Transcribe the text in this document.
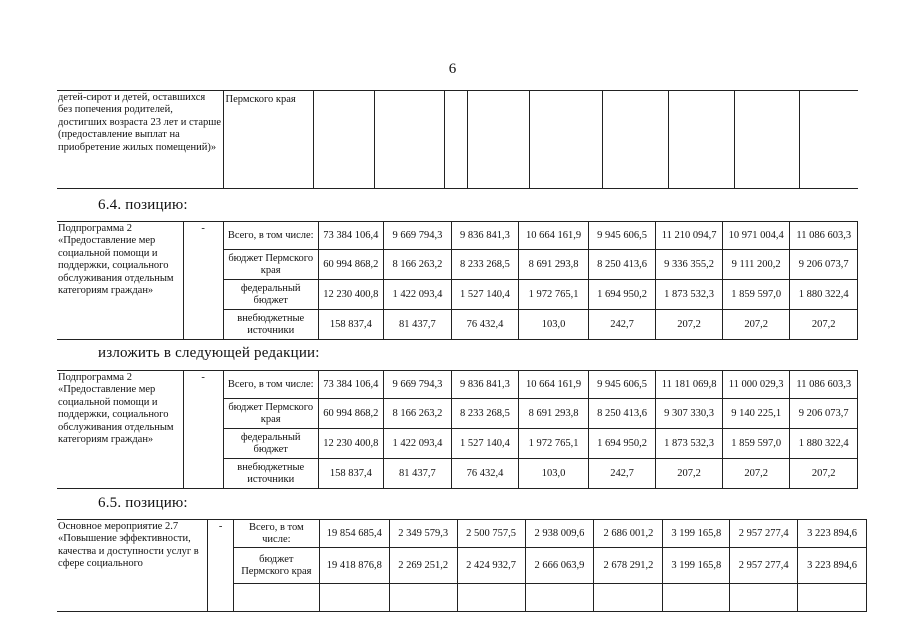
6
детей-сирот и детей, оставшихся без попечения родителей, достигших возраста 23 лет и старше (предоставление выплат на приобретение жилых помещений)»	Пермского края									
6.4. позицию:
Подпрограмма 2 «Предоставление мер социальной помощи и поддержки, социального обслуживания отдельным категориям граждан»	-	Всего, в том числе:	73 384 106,4	9 669 794,3	9 836 841,3	10 664 161,9	9 945 606,5	11 210 094,7	10 971 004,4	11 086 603,3
		бюджет Пермского края	60 994 868,2	8 166 263,2	8 233 268,5	8 691 293,8	8 250 413,6	9 336 355,2	9 111 200,2	9 206 073,7
		федеральный бюджет	12 230 400,8	1 422 093,4	1 527 140,4	1 972 765,1	1 694 950,2	1 873 532,3	1 859 597,0	1 880 322,4
		внебюджетные источники	158 837,4	81 437,7	76 432,4	103,0	242,7	207,2	207,2	207,2
изложить в следующей редакции:
Подпрограмма 2 «Предоставление мер социальной помощи и поддержки, социального обслуживания отдельным категориям граждан»	-	Всего, в том числе:	73 384 106,4	9 669 794,3	9 836 841,3	10 664 161,9	9 945 606,5	11 181 069,8	11 000 029,3	11 086 603,3
		бюджет Пермского края	60 994 868,2	8 166 263,2	8 233 268,5	8 691 293,8	8 250 413,6	9 307 330,3	9 140 225,1	9 206 073,7
		федеральный бюджет	12 230 400,8	1 422 093,4	1 527 140,4	1 972 765,1	1 694 950,2	1 873 532,3	1 859 597,0	1 880 322,4
		внебюджетные источники	158 837,4	81 437,7	76 432,4	103,0	242,7	207,2	207,2	207,2
6.5. позицию:
Основное мероприятие 2.7 «Повышение эффективности, качества и доступности услуг в сфере социального	-	Всего, в том числе:	19 854 685,4	2 349 579,3	2 500 757,5	2 938 009,6	2 686 001,2	3 199 165,8	2 957 277,4	3 223 894,6
		бюджет Пермского края	19 418 876,8	2 269 251,2	2 424 932,7	2 666 063,9	2 678 291,2	3 199 165,8	2 957 277,4	3 223 894,6
